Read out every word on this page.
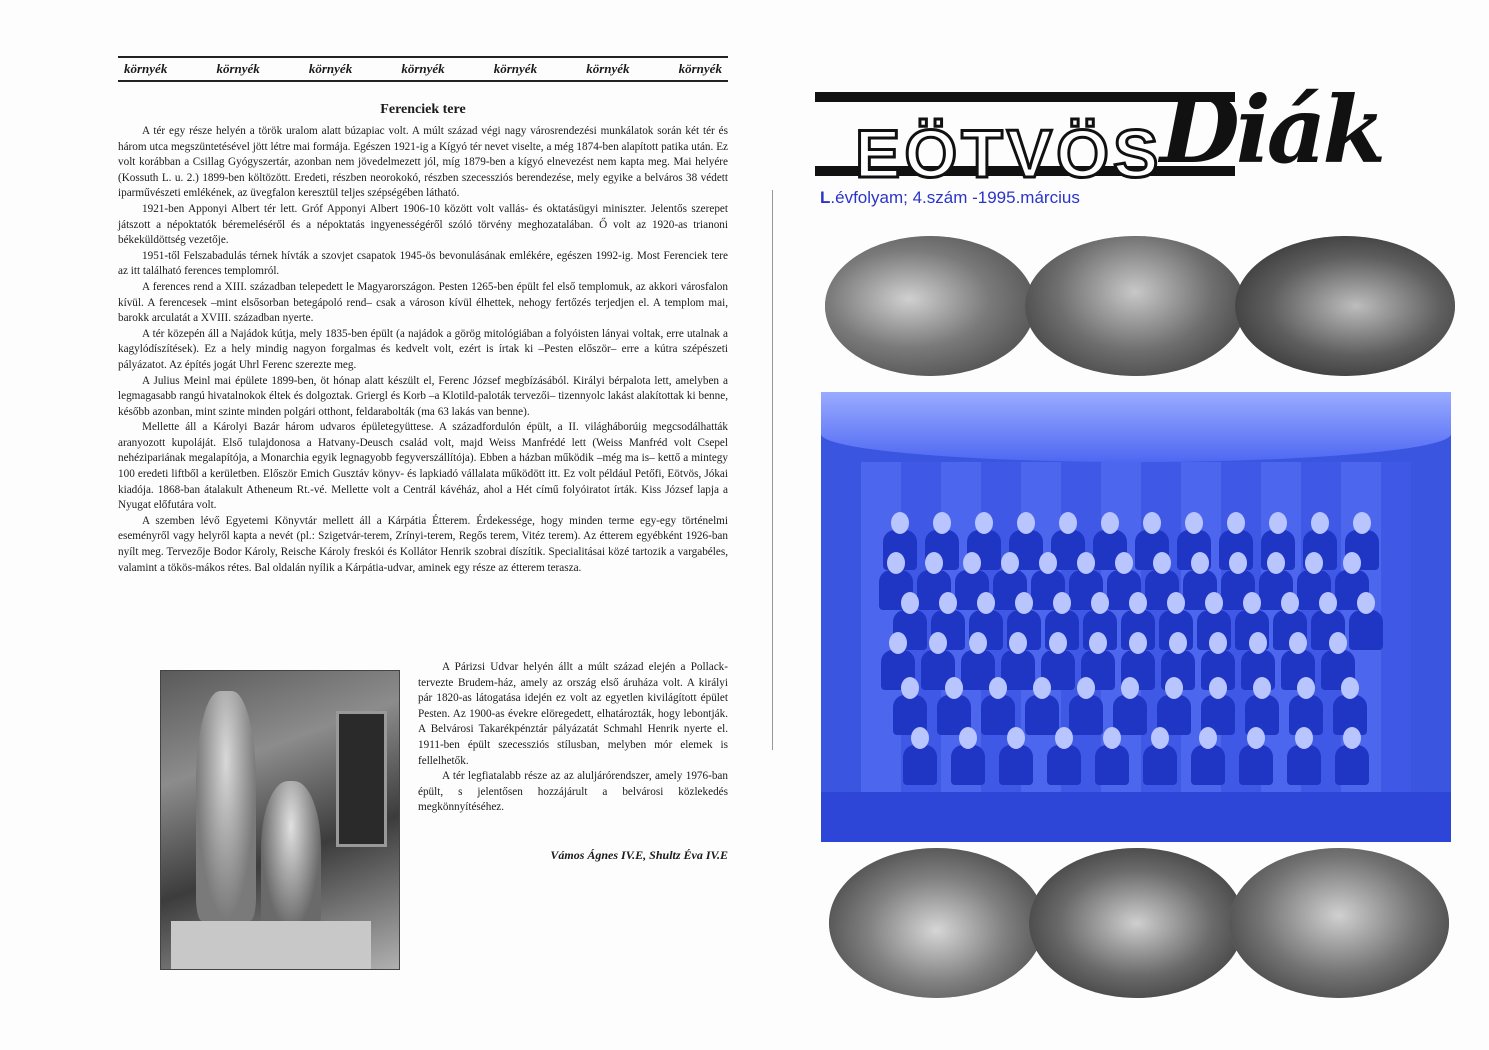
környék	környék	környék	környék	környék	környék	környék
Ferenciek tere

A tér egy része helyén a török uralom alatt búzapiac volt. A múlt század végi nagy városrendezési munkálatok során két tér és három utca megszüntetésével jött létre mai formája. Egészen 1921-ig a Kígyó tér nevet viselte, a még 1874-ben alapított patika után. Ez volt korábban a Csillag Gyógyszertár, azonban nem jövedelmezett jól, míg 1879-ben a kígyó elnevezést nem kapta meg. Mai helyére (Kossuth L. u. 2.) 1899-ben költözött. Eredeti, részben neorokokó, részben szecessziós berendezése, mely egyike a belváros 38 védett iparművészeti emlékének, az üvegfalon keresztül teljes szépségében látható.

1921-ben Apponyi Albert tér lett. Gróf Apponyi Albert 1906-10 között volt vallás- és oktatásügyi miniszter. Jelentős szerepet játszott a népoktatók béremeléséről és a népoktatás ingyenességéről szóló törvény meghozatalában. Ő volt az 1920-as trianoni békeküldöttség vezetője.

1951-től Felszabadulás térnek hívták a szovjet csapatok 1945-ös bevonulásának emlékére, egészen 1992-ig. Most Ferenciek tere az itt található ferences templomról.

A ferences rend a XIII. században telepedett le Magyarországon. Pesten 1265-ben épült fel első templomuk, az akkori városfalon kívül. A ferencesek –mint elsősorban betegápoló rend– csak a városon kívül élhettek, nehogy fertőzés terjedjen el. A templom mai, barokk arculatát a XVIII. században nyerte.

A tér közepén áll a Najádok kútja, mely 1835-ben épült (a najádok a görög mitológiában a folyóisten lányai voltak, erre utalnak a kagylódíszítések). Ez a hely mindig nagyon forgalmas és kedvelt volt, ezért is írtak ki –Pesten először– erre a kútra szépészeti pályázatot. Az építés jogát Uhrl Ferenc szerezte meg.

A Julius Meinl mai épülete 1899-ben, öt hónap alatt készült el, Ferenc József megbízásából. Királyi bérpalota lett, amelyben a legmagasabb rangú hivatalnokok éltek és dolgoztak. Griergl és Korb –a Klotild-paloták tervezői– tizennyolc lakást alakítottak ki benne, később azonban, mint szinte minden polgári otthont, feldarabolták (ma 63 lakás van benne).

Mellette áll a Károlyi Bazár három udvaros épületegyüttese. A századfordulón épült, a II. világháborúig megcsodálhatták aranyozott kupoláját. Első tulajdonosa a Hatvany-Deusch család volt, majd Weiss Manfrédé lett (Weiss Manfréd volt Csepel nehézipariának megalapítója, a Monarchia egyik legnagyobb fegyverszállítója). Ebben a házban működik –még ma is– kettő a mintegy 100 eredeti liftből a kerületben. Először Emich Gusztáv könyv- és lapkiadó vállalata működött itt. Ez volt például Petőfi, Eötvös, Jókai kiadója. 1868-ban átalakult Atheneum Rt.-vé. Mellette volt a Centrál kávéház, ahol a Hét című folyóiratot írták. Kiss József lapja a Nyugat előfutára volt.

A szemben lévő Egyetemi Könyvtár mellett áll a Kárpátia Étterem. Érdekessége, hogy minden terme egy-egy történelmi eseményről vagy helyről kapta a nevét (pl.: Szigetvár-terem, Zrínyi-terem, Regős terem, Vitéz terem). Az étterem egyébként 1926-ban nyílt meg. Tervezője Bodor Károly, Reische Károly freskói és Kollátor Henrik szobrai díszítik. Specialitásai közé tartozik a vargabéles, valamint a tökös-mákos rétes. Bal oldalán nyílik a Kárpátia-udvar, aminek egy része az étterem terasza.

A Párizsi Udvar helyén állt a múlt század elején a Pollack-tervezte Brudem-ház, amely az ország első áruháza volt. A királyi pár 1820-as látogatása idején ez volt az egyetlen kivilágított épület Pesten. Az 1900-as évekre elöregedett, elhatározták, hogy lebontják. A Belvárosi Takarékpénztár pályázatát Schmahl Henrik nyerte el. 1911-ben épült szecessziós stílusban, melyben mór elemek is fellelhetők.

A tér legfiatalabb része az az aluljárórendszer, amely 1976-ban épült, s jelentősen hozzájárult a belvárosi közlekedés megkönnyítéséhez.

Vámos Ágnes IV.E, Shultz Éva IV.E
EÖTVÖS
Diák
L.évfolyam; 4.szám -1995.március
